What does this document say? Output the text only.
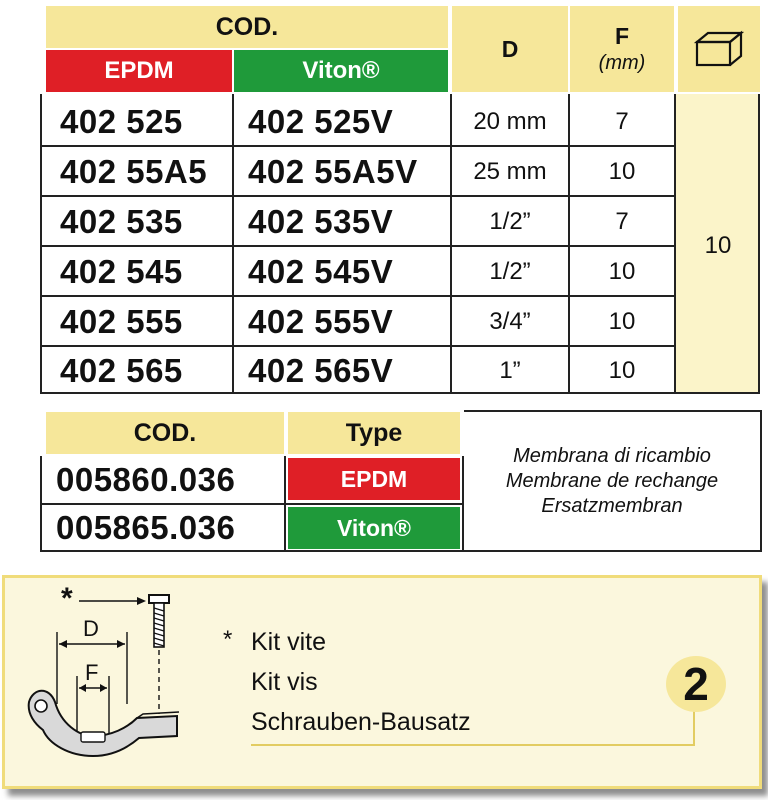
COD.
EPDM	Viton®
D	F
(mm)
10
402 525	402 525V	20 mm	7
402 55A5	402 55A5V	25 mm	10
402 535	402 535V	1/2”	7
402 545	402 545V	1/2”	10
402 555	402 555V	3/4”	10
402 565	402 565V	1”	10
COD.	Type
005860.036	EPDM
005865.036	Viton®
Membrana di ricambio
Membrane de rechange
Ersatzmembran
*
D
F
* Kit vite
Kit vis
Schrauben-Bausatz
2
